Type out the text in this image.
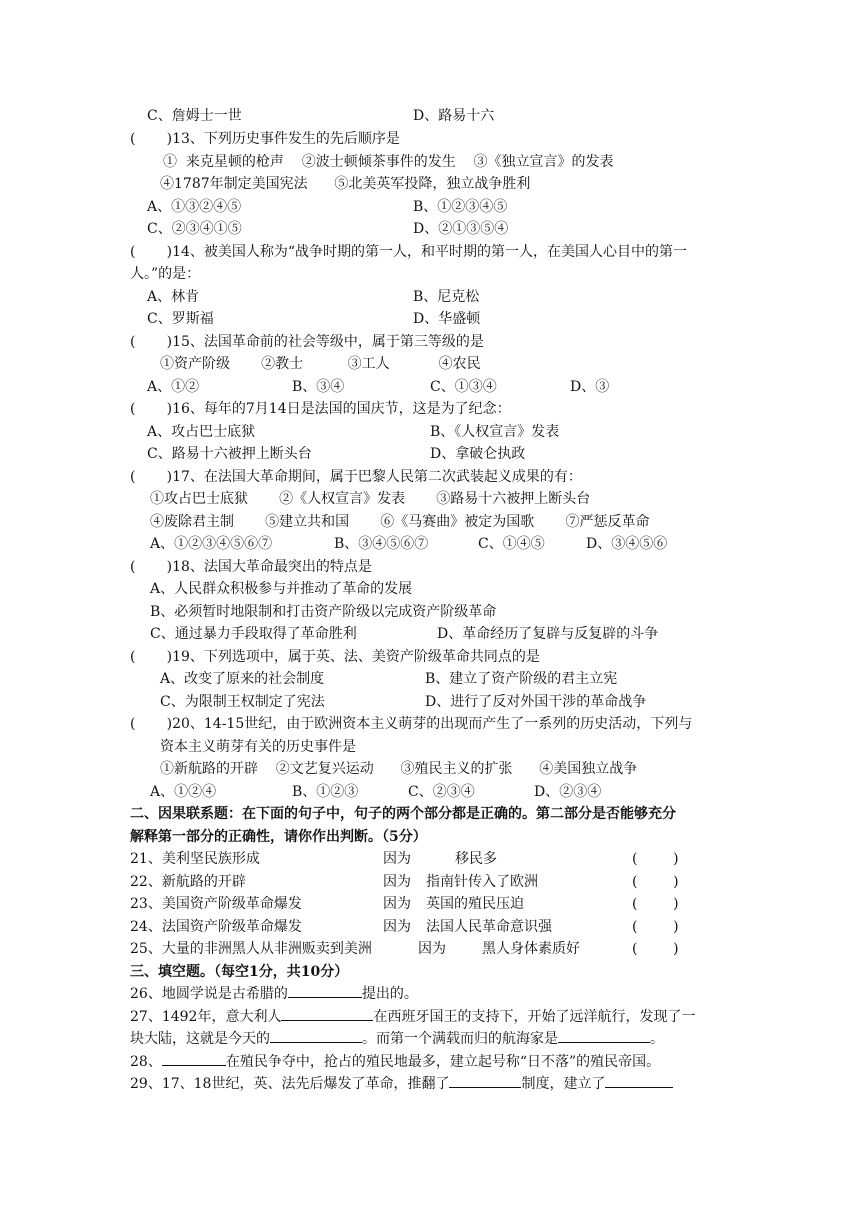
C、詹姆士一世	D、路易十六
(       )13、下列历史事件发生的先后顺序是
①  来克星顿的枪声    ②波士顿倾茶事件的发生    ③《独立宣言》的发表
④1787年制定美国宪法      ⑤北美英军投降，独立战争胜利
A、①③②④⑤	B、①②③④⑤
C、②③④①⑤	D、②①③⑤④
(       )14、被美国人称为“战争时期的第一人，和平时期的第一人，在美国人心目中的第一
人。”的是：
A、林肯	B、尼克松
C、罗斯福	D、华盛顿
(       )15、法国革命前的社会等级中，属于第三等级的是
①资产阶级       ②教士          ③工人           ④农民
A、①②	B、③④	C、①③④	D、③
(       )16、每年的7月14日是法国的国庆节，这是为了纪念：
A、攻占巴士底狱	B、《人权宣言》发表
C、路易十六被押上断头台	D、拿破仑执政
(       )17、在法国大革命期间，属于巴黎人民第二次武装起义成果的有：
①攻占巴士底狱       ②《人权宣言》发表       ③路易十六被押上断头台
④废除君主制       ⑤建立共和国       ⑥《马赛曲》被定为国歌       ⑦严惩反革命
A、①②③④⑤⑥⑦	B、③④⑤⑥⑦	C、①④⑤	D、③④⑤⑥
(       )18、法国大革命最突出的特点是
A、人民群众积极参与并推动了革命的发展
B、必须暂时地限制和打击资产阶级以完成资产阶级革命
C、通过暴力手段取得了革命胜利	D、革命经历了复辟与反复辟的斗争
(       )19、下列选项中，属于英、法、美资产阶级革命共同点的是
A、改变了原来的社会制度	B、建立了资产阶级的君主立宪
C、为限制王权制定了宪法	D、进行了反对外国干涉的革命战争
(       )20、14-15世纪，由于欧洲资本主义萌芽的出现而产生了一系列的历史活动，下列与
资本主义萌芽有关的历史事件是
①新航路的开辟    ②文艺复兴运动      ③殖民主义的扩张      ④美国独立战争
A、①②④	B、①②③	C、②③④	D、②③④
二、因果联系题：在下面的句子中，句子的两个部分都是正确的。第二部分是否能够充分
解释第一部分的正确性，请你作出判断。（5分）
21、美利坚民族形成	因为	移民多	(        )
22、新航路的开辟	因为 指南针传入了欧洲	(        )
23、美国资产阶级革命爆发	因为 英国的殖民压迫	(        )
24、法国资产阶级革命爆发	因为 法国人民革命意识强	(        )
25、大量的非洲黑人从非洲贩卖到美洲	因为	黑人身体素质好	(        )
三、填空题。（每空1分，共10分）
26、地圆学说是古希腊的	提出的。
27、1492年，意大利人	在西班牙国王的支持下，开始了远洋航行，发现了一
块大陆，这就是今天的	。而第一个满载而归的航海家是	。
28、	在殖民争夺中，抢占的殖民地最多，建立起号称“日不落”的殖民帝国。
29、17、18世纪，英、法先后爆发了革命，推翻了	制度，建立了
